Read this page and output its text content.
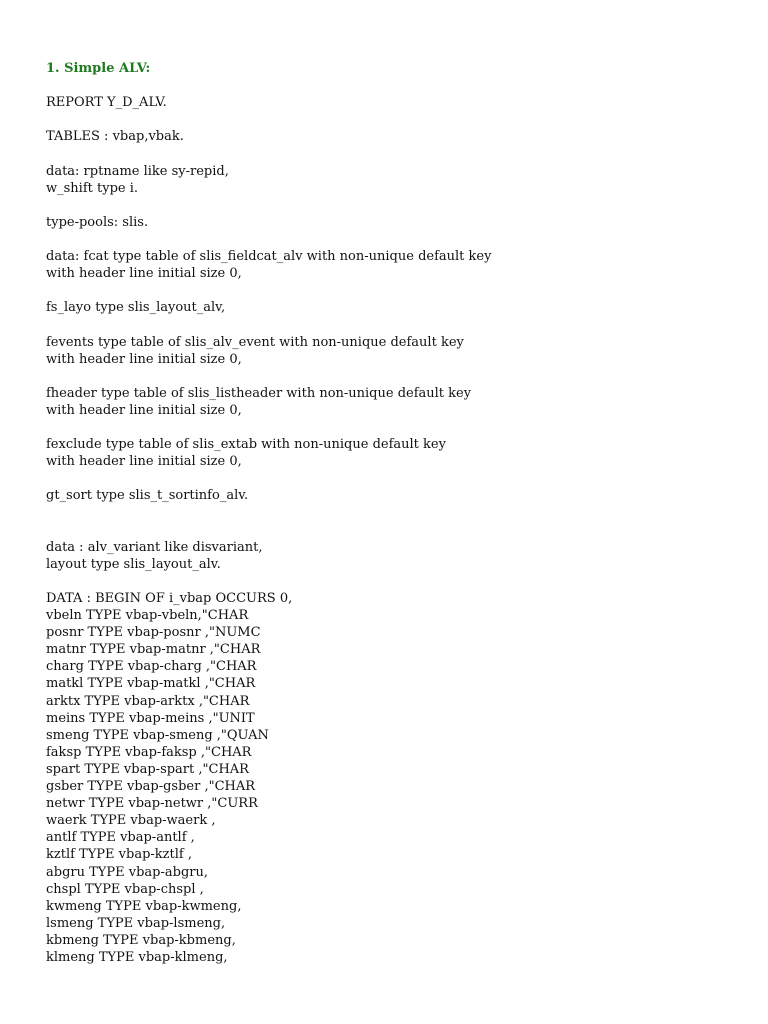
1. Simple ALV:
REPORT Y_D_ALV.
TABLES : vbap,vbak.
data: rptname like sy-repid,
w_shift type i.
type-pools: slis.
data: fcat type table of slis_fieldcat_alv with non-unique default key
with header line initial size 0,
fs_layo type slis_layout_alv,
fevents type table of slis_alv_event with non-unique default key
with header line initial size 0,
fheader type table of slis_listheader with non-unique default key
with header line initial size 0,
fexclude type table of slis_extab with non-unique default key
with header line initial size 0,
gt_sort type slis_t_sortinfo_alv.
data : alv_variant like disvariant,
layout type slis_layout_alv.
DATA : BEGIN OF i_vbap OCCURS 0,
vbeln TYPE vbap-vbeln,"CHAR
posnr TYPE vbap-posnr ,"NUMC
matnr TYPE vbap-matnr ,"CHAR
charg TYPE vbap-charg ,"CHAR
matkl TYPE vbap-matkl ,"CHAR
arktx TYPE vbap-arktx ,"CHAR
meins TYPE vbap-meins ,"UNIT
smeng TYPE vbap-smeng ,"QUAN
faksp TYPE vbap-faksp ,"CHAR
spart TYPE vbap-spart ,"CHAR
gsber TYPE vbap-gsber ,"CHAR
netwr TYPE vbap-netwr ,"CURR
waerk TYPE vbap-waerk ,
antlf TYPE vbap-antlf ,
kztlf TYPE vbap-kztlf ,
abgru TYPE vbap-abgru,
chspl TYPE vbap-chspl ,
kwmeng TYPE vbap-kwmeng,
lsmeng TYPE vbap-lsmeng,
kbmeng TYPE vbap-kbmeng,
klmeng TYPE vbap-klmeng,
